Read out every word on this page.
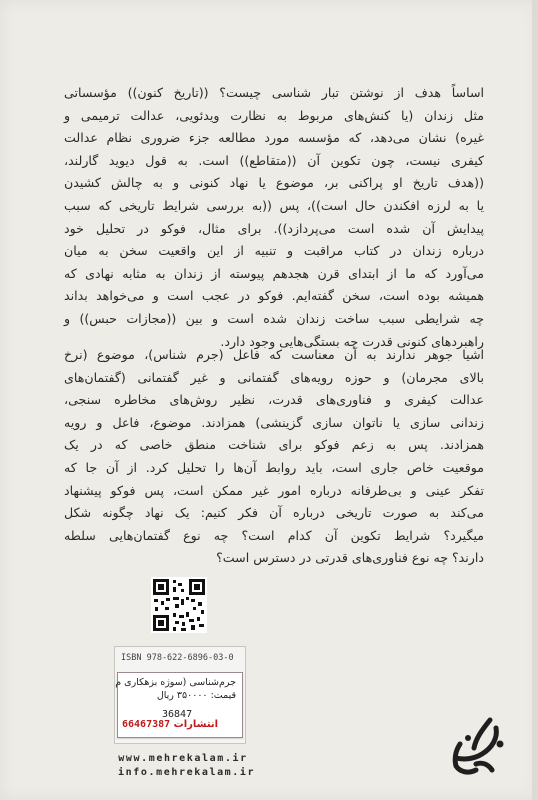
اساساً هدف از نوشتن تبار شناسی چیست؟ ((تاریخ کنون)) مؤسساتی
مثل زندان (یا کنش‌های مربوط به نظارت ویدئویی، عدالت ترمیمی و
غیره) نشان می‌دهد، که مؤسسه مورد مطالعه جزء ضروری نظام عدالت
کیفری نیست، چون تکوین آن ((متقاطع)) است. به قول دیوید گارلند،
((هدف تاریخ او پراکنی بر، موضوع یا نهاد کنونی و به چالش کشیدن
یا به لرزه افکندن حال است))، پس ((به بررسی شرایط تاریخی که سبب
پیدایش آن شده است می‌پردازد)). برای مثال، فوکو در تحلیل خود
درباره زندان در کتاب مراقبت و تنبیه از این واقعیت سخن به میان
می‌آورد که ما از ابتدای قرن هجدهم پیوسته از زندان به مثابه نهادی که
همیشه بوده است، سخن گفته‌ایم. فوکو در عجب است و می‌خواهد بداند
چه شرایطی سبب ساخت زندان شده است و بین ((مجازات حبس)) و
راهبردهای کنونی قدرت چه بستگی‌هایی وجود دارد.
اشیا جوهر ندارند به آن معناست که فاعل (جرم شناس)، موضوع (نرخ
بالای مجرمان) و حوزه رویه‌های گفتمانی و غیر گفتمانی (گفتمان‌های
عدالت کیفری و فناوری‌های قدرت، نظیر روش‌های مخاطره سنجی،
زندانی سازی یا ناتوان سازی گزینشی) همزادند. موضوع، فاعل و رویه
همزادند. پس به زعم فوکو برای شناخت منطق خاصی که در یک
موقعیت خاص جاری است، باید روابط آن‌ها را تحلیل کرد. از آن جا که
تفکر عینی و بی‌طرفانه درباره امور غیر ممکن است، پس فوکو پیشنهاد
می‌کند به صورت تاریخی درباره آن فکر کنیم: یک نهاد چگونه شکل
میگیرد؟ شرایط تکوین آن کدام است؟ چه نوع گفتمان‌هایی سلطه
دارند؟ چه نوع فناوری‌های قدرتی در دسترس است؟
ISBN 978-622-6896-03-0
جرم‌شناسی (سوژه بزهکاری م
قیمت: ۳۵۰۰۰۰ ریال
36847
انتشارات 66467387
www.mehrekalam.ir
info.mehrekalam.ir
